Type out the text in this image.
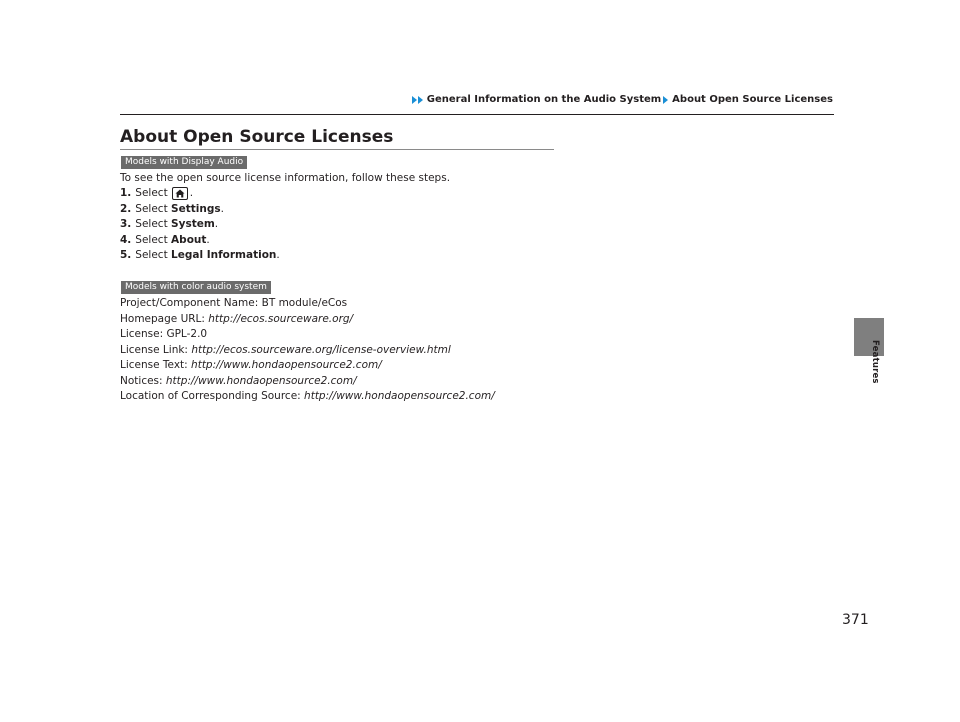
General Information on the Audio System About Open Source Licenses
Features
About Open Source Licenses
Models with Display Audio
To see the open source license information, follow these steps.
1. Select .
2. Select
Settings .
3. Select
System .
4. Select
About .
5. Select
Legal Information .
Models with color audio system
Project/Component Name: BT module/eCos
Homepage URL: http://ecos.sourceware.org/
License: GPL-2.0
License Link: http://ecos.sourceware.org/license-overview.html
License Text: http://www.hondaopensource2.com/
Notices: http://www.hondaopensource2.com/
Location of Corresponding Source: http://www.hondaopensource2.com/
371
